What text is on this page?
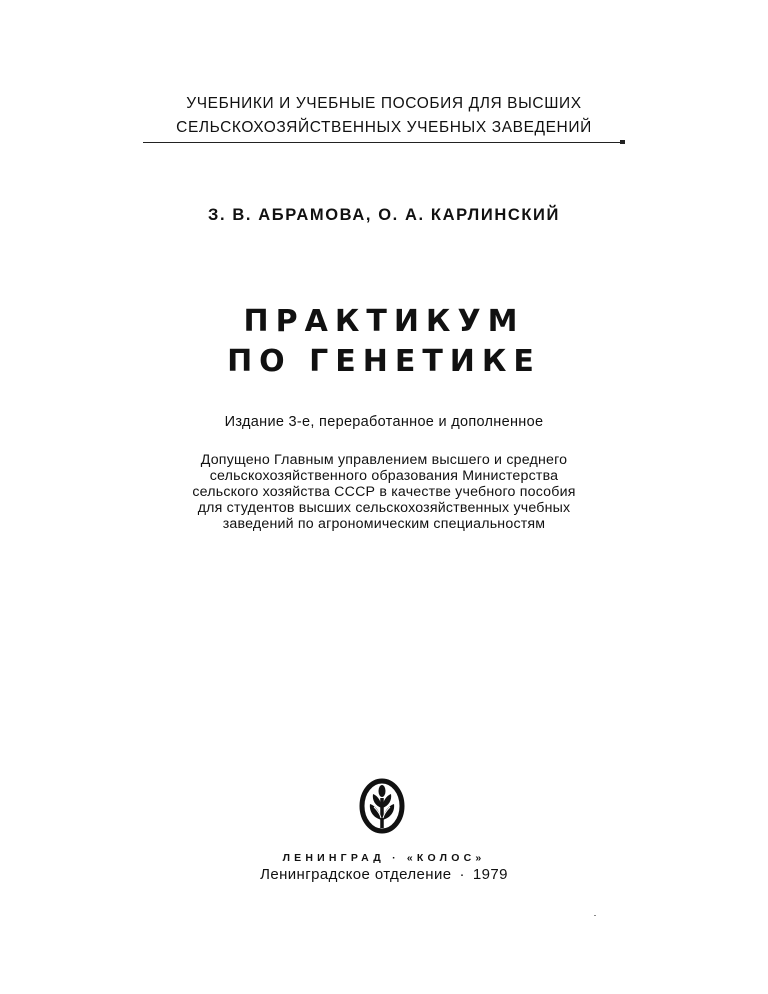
УЧЕБНИКИ И УЧЕБНЫЕ ПОСОБИЯ ДЛЯ ВЫСШИХ
СЕЛЬСКОХОЗЯЙСТВЕННЫХ УЧЕБНЫХ ЗАВЕДЕНИЙ
З. В. АБРАМОВА, О. А. КАРЛИНСКИЙ
ПРАКТИКУМ
ПО ГЕНЕТИКЕ
Издание 3-е, переработанное и дополненное
Допущено Главным управлением высшего и среднего
сельскохозяйственного образования Министерства
сельского хозяйства СССР в качестве учебного пособия
для студентов высших сельскохозяйственных учебных
заведений по агрономическим специальностям
ЛЕНИНГРАД · «КОЛОС»
Ленинградское отделение · 1979
